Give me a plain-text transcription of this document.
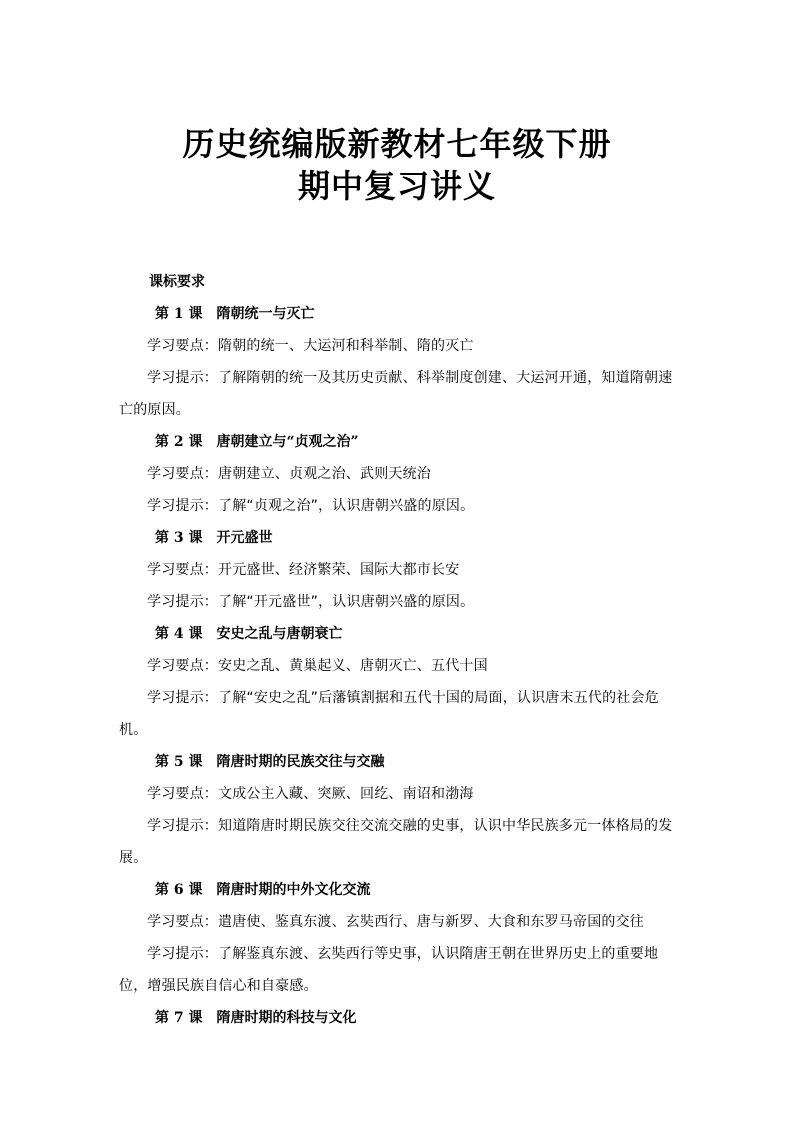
历史统编版新教材七年级下册
期中复习讲义

课标要求

第 1 课 隋朝统一与灭亡

学习要点：隋朝的统一、大运河和科举制、隋的灭亡

学习提示：了解隋朝的统一及其历史贡献、科举制度创建、大运河开通，知道隋朝速

亡的原因。

第 2 课 唐朝建立与“贞观之治”

学习要点：唐朝建立、贞观之治、武则天统治

学习提示：了解“贞观之治”，认识唐朝兴盛的原因。

第 3 课 开元盛世

学习要点：开元盛世、经济繁荣、国际大都市长安

学习提示：了解“开元盛世”，认识唐朝兴盛的原因。

第 4 课 安史之乱与唐朝衰亡

学习要点：安史之乱、黄巢起义、唐朝灭亡、五代十国

学习提示：了解“安史之乱”后藩镇割据和五代十国的局面，认识唐末五代的社会危

机。

第 5 课 隋唐时期的民族交往与交融

学习要点：文成公主入藏、突厥、回纥、南诏和渤海

学习提示：知道隋唐时期民族交往交流交融的史事，认识中华民族多元一体格局的发

展。

第 6 课 隋唐时期的中外文化交流

学习要点：遣唐使、鉴真东渡、玄奘西行、唐与新罗、大食和东罗马帝国的交往

学习提示：了解鉴真东渡、玄奘西行等史事，认识隋唐王朝在世界历史上的重要地

位，增强民族自信心和自豪感。

第 7 课 隋唐时期的科技与文化
